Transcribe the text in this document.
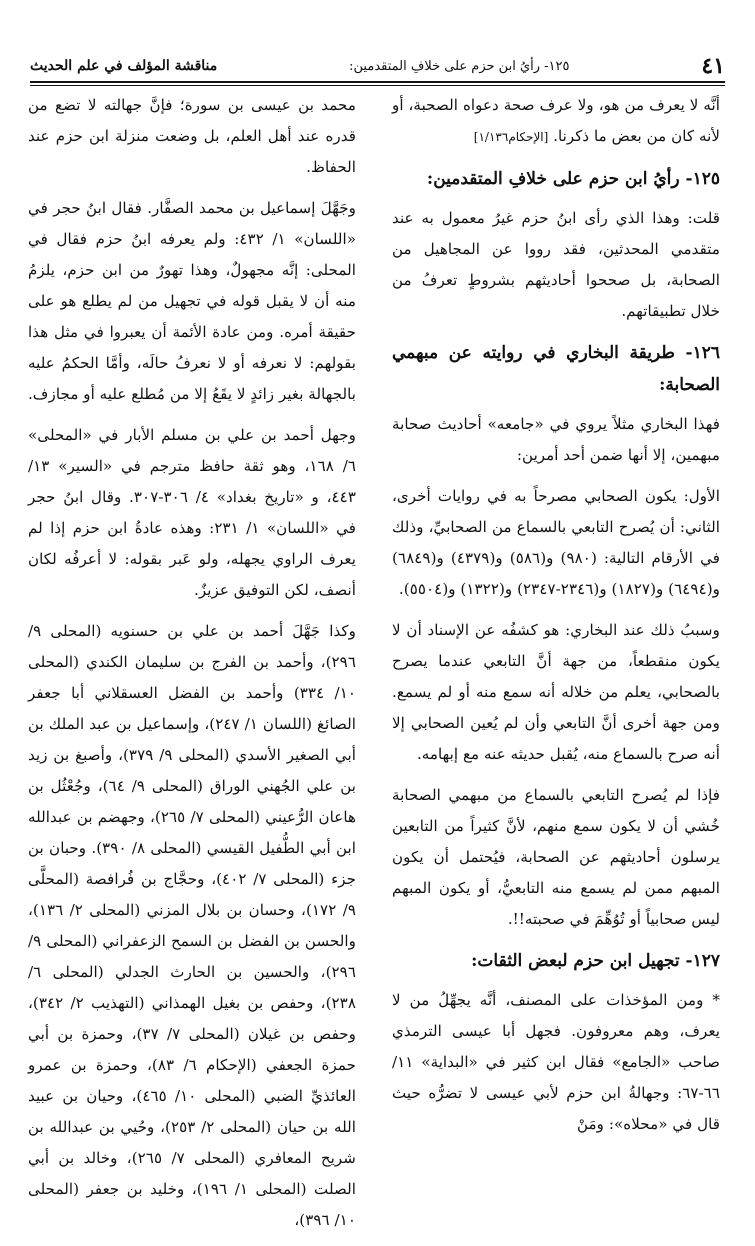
٤١
١٢٥- رأيُ ابن حزم على خلافِ المتقدمين:
مناقشة المؤلف في علم الحديث

أنَّه لا يعرف من هو، ولا عرف صحة دعواه الصحبة، أو لأنه كان من بعض ما ذكرنا. [الإحكام١/١٣٦]

١٢٥- رأيُ ابن حزم على خلافِ المتقدمين:

قلت: وهذا الذي رأى ابنُ حزم غيرُ معمول به عند متقدمي المحدثين، فقد رووا عن المجاهيل من الصحابة، بل صححوا أحاديثهم بشروطٍ تعرفُ من خلال تطبيقاتهم.

١٢٦- طريقة البخاري في روايته عن مبهمي الصحابة:

فهذا البخاري مثلاً يروي في «جامعه» أحاديث صحابة مبهمين، إلا أنها ضمن أحد أمرين:

الأول: يكون الصحابي مصرحاً به في روايات أخرى، الثاني: أن يُصرح التابعي بالسماع من الصحابيِّ، وذلك في الأرقام التالية: (٩٨٠) و(٥٨٦) و(٤٣٧٩) و(٦٨٤٩) و(٦٤٩٤) و(١٨٢٧) و(٢٣٤٦-٢٣٤٧) و(١٣٢٢) و(٥٥٠٤).

وسببُ ذلك عند البخاري: هو كشفُه عن الإسناد أن لا يكون منقطعاً، من جهة أنَّ التابعي عندما يصرح بالصحابي، يعلم من خلاله أنه سمع منه أو لم يسمع. ومن جهة أخرى أنَّ التابعي وأن لم يُعين الصحابي إلا أنه صرح بالسماع منه، يُقبل حديثه عنه مع إبهامه.

فإذا لم يُصرح التابعي بالسماع من مبهمي الصحابة خُشي أن لا يكون سمع منهم، لأنَّ كثيراً من التابعين يرسلون أحاديثهم عن الصحابة، فيُحتمل أن يكون المبهم ممن لم يسمع منه التابعيُّ، أو يكون المبهم ليس صحابياً أو تُوُهِّمَ في صحبته!!.

١٢٧- تجهيل ابن حزم لبعض الثقات:

* ومن المؤخذات على المصنف، أنَّه يجهِّلُ من لا يعرف، وهم معروفون. فجهل أبا عيسى الترمذي صاحب «الجامع» فقال ابن كثير في «البداية» ١١/ ٦٦-٦٧: وجهالةُ ابن حزم لأبي عيسى لا تضرُّه حيث قال في «محلاه»: ومَنْ

محمد بن عيسى بن سورة؛ فإنَّ جهالته لا تضع من قدره عند أهل العلم، بل وضعت منزلة ابن حزم عند الحفاظ.

وجَهَّلَ إسماعيل بن محمد الصفَّار. فقال ابنُ حجر في «اللسان» ١/ ٤٣٢: ولم يعرفه ابنُ حزم فقال في المحلى: إنَّه مجهولٌ، وهذا تهورٌ من ابن حزم، يلزمُ منه أن لا يقبل قوله في تجهيل من لم يطلع هو على حقيقة أمره. ومن عادة الأئمة أن يعبروا في مثل هذا بقولهم: لا نعرفه أو لا نعرفُ حالَه، وأمَّا الحكمُ عليه بالجهالة بغير زائدٍ لا يقَعُ إلا من مُطلع عليه أو مجازف.

وجهل أحمد بن علي بن مسلم الأبار في «المحلى» ٦/ ١٦٨، وهو ثقة حافظ مترجم في «السير» ١٣/ ٤٤٣، و «تاريخ بغداد» ٤/ ٣٠٦-٣٠٧. وقال ابنُ حجر في «اللسان» ١/ ٢٣١: وهذه عادةُ ابن حزم إذا لم يعرف الراوي يجهله، ولو عَبر بقوله: لا أعرفُه لكان أنصف، لكن التوفيق عزيزٌ.

وكذا جَهَّلَ أحمد بن علي بن حسنويه (المحلى ٩/ ٢٩٦)، وأحمد بن الفرج بن سليمان الكندي (المحلى ١٠/ ٣٣٤) وأحمد بن الفضل العسقلاني أبا جعفر الصائغ (اللسان ١/ ٢٤٧)، وإسماعيل بن عبد الملك بن أبي الصغير الأسدي (المحلى ٩/ ٣٧٩)، وأصبغ بن زيد بن علي الجُهني الوراق (المحلى ٩/ ٦٤)، وجُعْثُل بن هاعان الرُّعيني (المحلى ٧/ ٢٦٥)، وجهضم بن عبدالله ابن أبي الطُّفيل القيسي (المحلى ٨/ ٣٩٠). وحبان بن جزء (المحلى ٧/ ٤٠٢)، وحجَّاج بن فُرافصة (المحلَّى ٩/ ١٧٢)، وحسان بن بلال المزني (المحلى ٢/ ١٣٦)، والحسن بن الفضل بن السمح الزعفراني (المحلى ٩/ ٢٩٦)، والحسين بن الحارث الجدلي (المحلى ٦/ ٢٣٨)، وحفص بن بغيل الهمذاني (التهذيب ٢/ ٣٤٢)، وحفص بن غيلان (المحلى ٧/ ٣٧)، وحمزة بن أبي حمزة الجعفي (الإحكام ٦/ ٨٣)، وحمزة بن عمرو العائذيِّ الضبي (المحلى ١٠/ ٤٦٥)، وحيان بن عبيد الله بن حيان (المحلى ٢/ ٢٥٣)، وحُيي بن عبدالله بن شريح المعافري (المحلى ٧/ ٢٦٥)، وخالد بن أبي الصلت (المحلى ١/ ١٩٦)، وخليد بن جعفر (المحلى ١٠/ ٣٩٦)،
